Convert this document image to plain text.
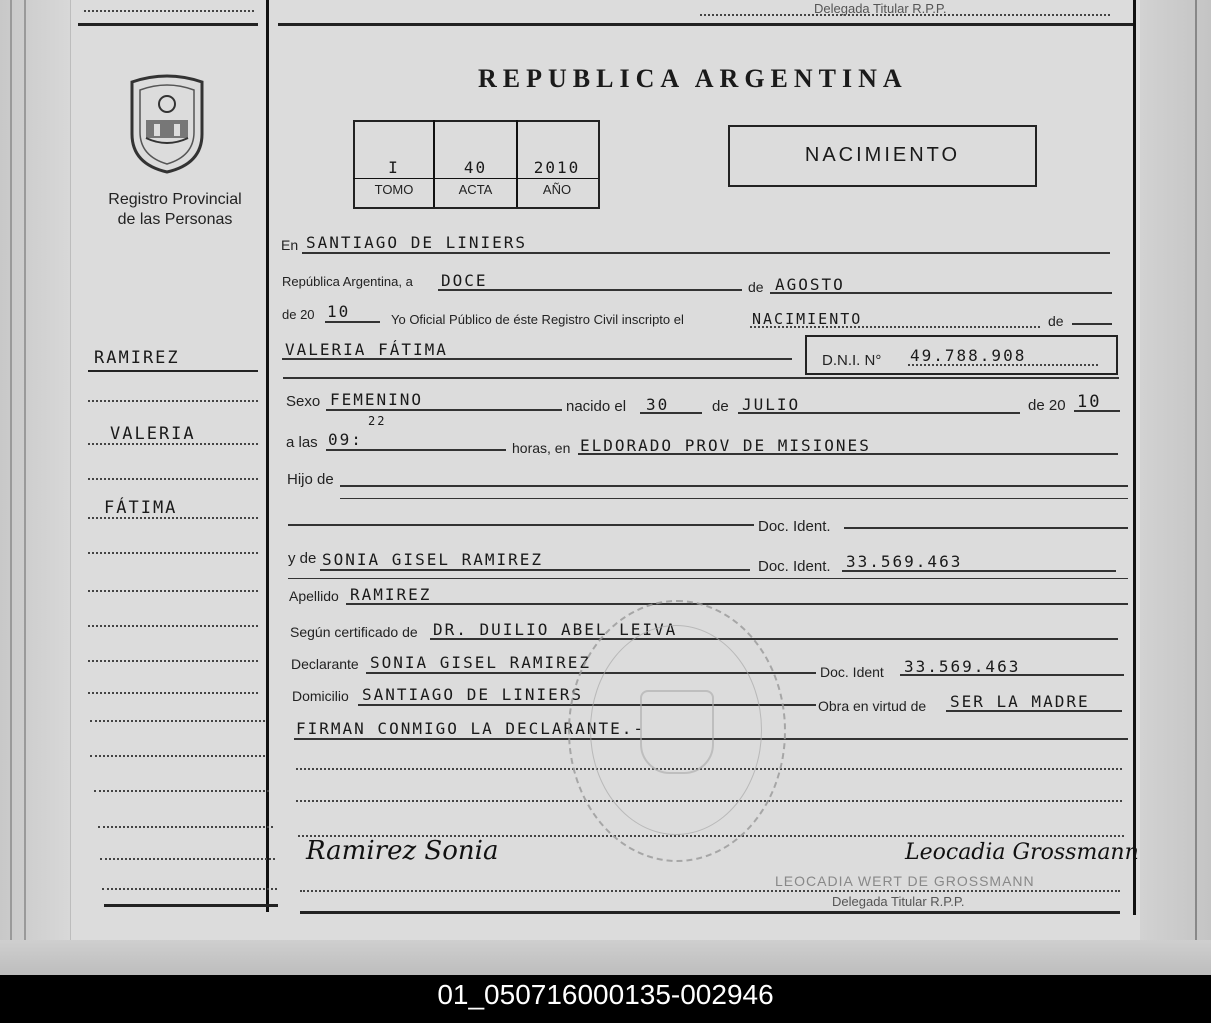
Delegada Titular R.P.P.
Registro Provincial
de las Personas
RAMIREZ
VALERIA
FÁTIMA
REPUBLICA ARGENTINA
I	40	2010
TOMO	ACTA	AÑO
NACIMIENTO
En SANTIAGO DE LINIERS
República Argentina, a DOCE	de AGOSTO
de 20 10	Yo Oficial Público de éste Registro Civil inscripto el	NACIMIENTO	de
VALERIA FÁTIMA
D.N.I. N° 49.788.908
Sexo FEMENINO	nacido el 30	de JULIO	de 20 10
a las 09:
22
horas, en ELDORADO PROV DE MISIONES
Hijo de
Doc. Ident.
y de SONIA GISEL RAMIREZ	Doc. Ident. 33.569.463
Apellido RAMIREZ
Según certificado de DR. DUILIO ABEL LEIVA
Declarante SONIA GISEL RAMIREZ	Doc. Ident 33.569.463
Domicilio SANTIAGO DE LINIERS
Obra en virtud de SER LA MADRE
FIRMAN CONMIGO LA DECLARANTE.-
Ramirez Sonia	Leocadia Grossmann
LEOCADIA WERT DE GROSSMANN
Delegada Titular R.P.P.
01_050716000135-002946
